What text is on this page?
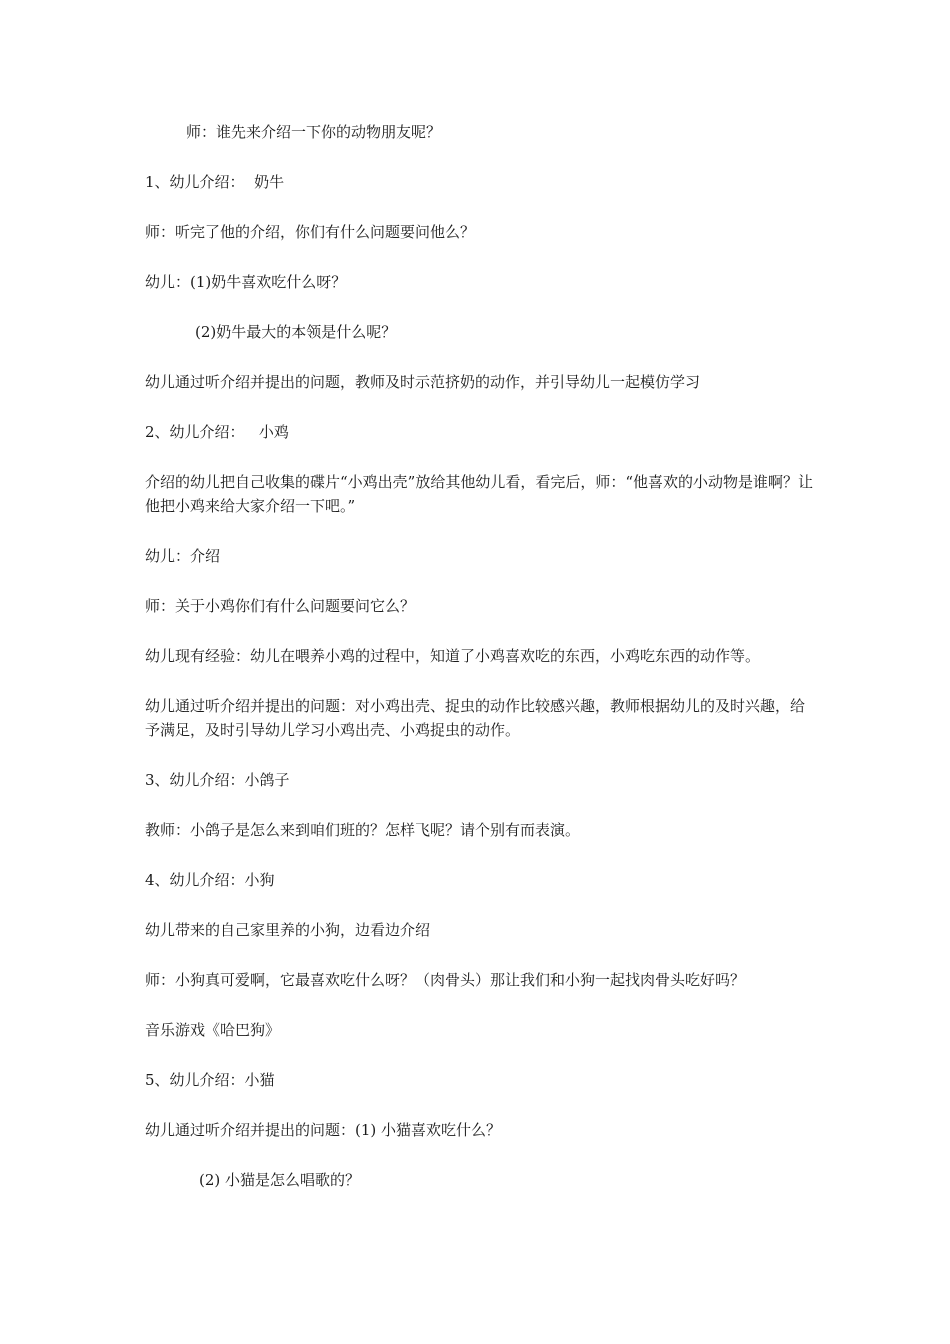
师：谁先来介绍一下你的动物朋友呢？

1、幼儿介绍：  奶牛

师：听完了他的介绍，你们有什么问题要问他么？

幼儿：(1)奶牛喜欢吃什么呀？

(2)奶牛最大的本领是什么呢？

幼儿通过听介绍并提出的问题，教师及时示范挤奶的动作，并引导幼儿一起模仿学习

2、幼儿介绍：   小鸡

介绍的幼儿把自己收集的碟片“小鸡出壳”放给其他幼儿看，看完后，师：“他喜欢的小动物是谁啊？让他把小鸡来给大家介绍一下吧。”

幼儿：介绍

师：关于小鸡你们有什么问题要问它么？

幼儿现有经验：幼儿在喂养小鸡的过程中，知道了小鸡喜欢吃的东西，小鸡吃东西的动作等。

幼儿通过听介绍并提出的问题：对小鸡出壳、捉虫的动作比较感兴趣，教师根据幼儿的及时兴趣，给予满足，及时引导幼儿学习小鸡出壳、小鸡捉虫的动作。

3、幼儿介绍：小鸽子

教师：小鸽子是怎么来到咱们班的？怎样飞呢？请个别有而表演。

4、幼儿介绍：小狗

幼儿带来的自己家里养的小狗，边看边介绍

师：小狗真可爱啊，它最喜欢吃什么呀？（肉骨头）那让我们和小狗一起找肉骨头吃好吗？

音乐游戏《哈巴狗》

5、幼儿介绍：小猫

幼儿通过听介绍并提出的问题：(1) 小猫喜欢吃什么？

(2) 小猫是怎么唱歌的？
